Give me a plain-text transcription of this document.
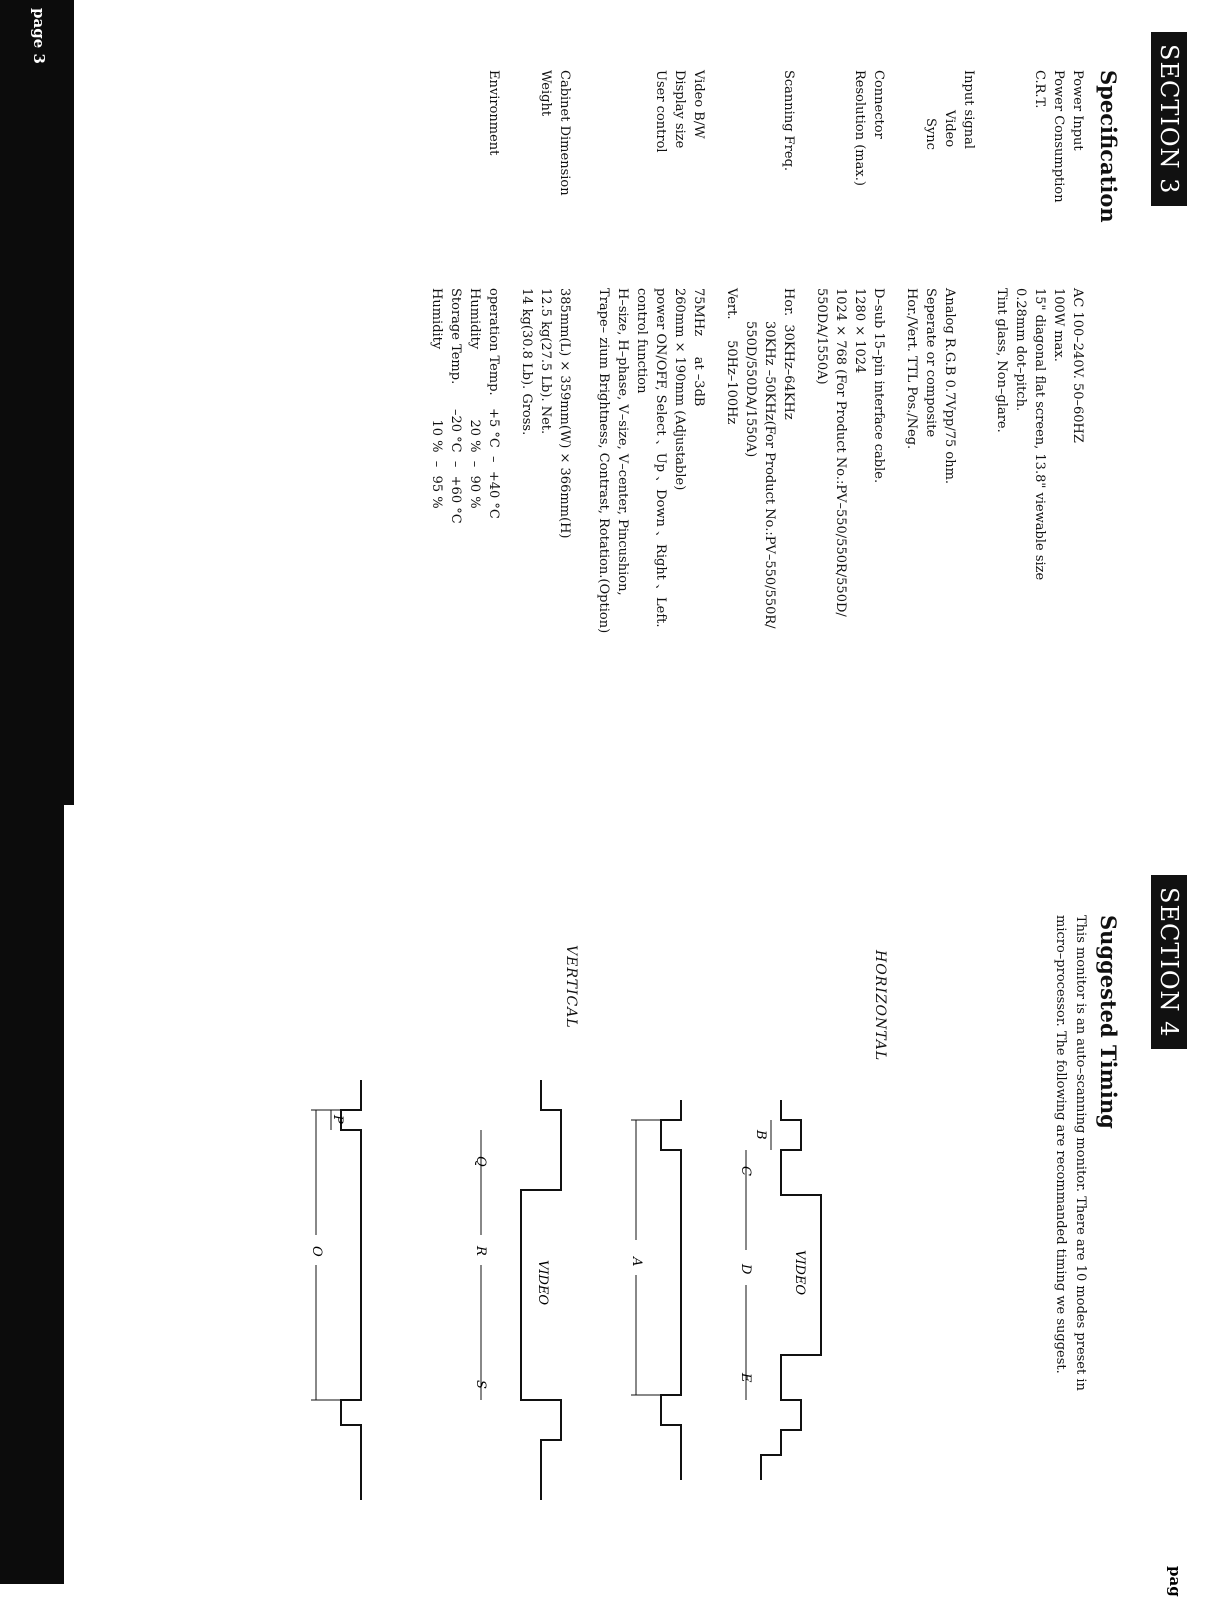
page 3
pag
SECTION 3
Specification
Power Input
AC 100–240V. 50–60HZ
Power Consumption
100W max.
C.R.T.
15" diagonal flat screen, 13.8" viewable size
0.28mm dot–pitch.
Tint glass, Non–glare.
Input signal
Video
Analog R.G.B 0.7Vpp/75 ohm.
Sync
Seperate or composite
Hor./Vert. TTL Pos./Neg.
Connector
D–sub 15–pin interface cable.
Resolution (max.)
1280 × 1024
1024 × 768 (For Product No.:PV–550/550R/550D/
550DA/1550A)
Scanning Freq.
Hor.  30KHz–64KHz
30KHz –50KHz(For Product No.:PV–550/550R/
550D/550DA/1550A)
Vert.     50Hz–100Hz
Video B/W
75MHz     at –3dB
Display size
260mm × 190mm (Adjustable)
User control
power ON/OFF, Select 、Up 、Down 、Right 、Left.
control function
H–size, H–phase, V–size, V–center, Pincushion,
Trape– zium Brightness, Contrast, Rotation.(Option)
Cabinet Dimension
385mm(L) × 359mm(W) × 366mm(H)
Weight
12.5 kg(27.5 Lb). Net.
14 kg(30.8 Lb). Gross.
Environment
operation Temp.   +5 °C  –  +40 °C
Humidity                 20 %  –  90 %
Storage Temp.      –20 °C  –  +60 °C
Humidity                 10 %  –  95 %
SECTION 4
Suggested Timing
This monitor is an auto–scanning monitor. There are 10 modes preset in
micro–processor. The following are recommanded timing we suggest.
HORIZONTAL
VERTICAL
A
B
C
D
E
VIDEO
O
P
Q
R
S
VIDEO
